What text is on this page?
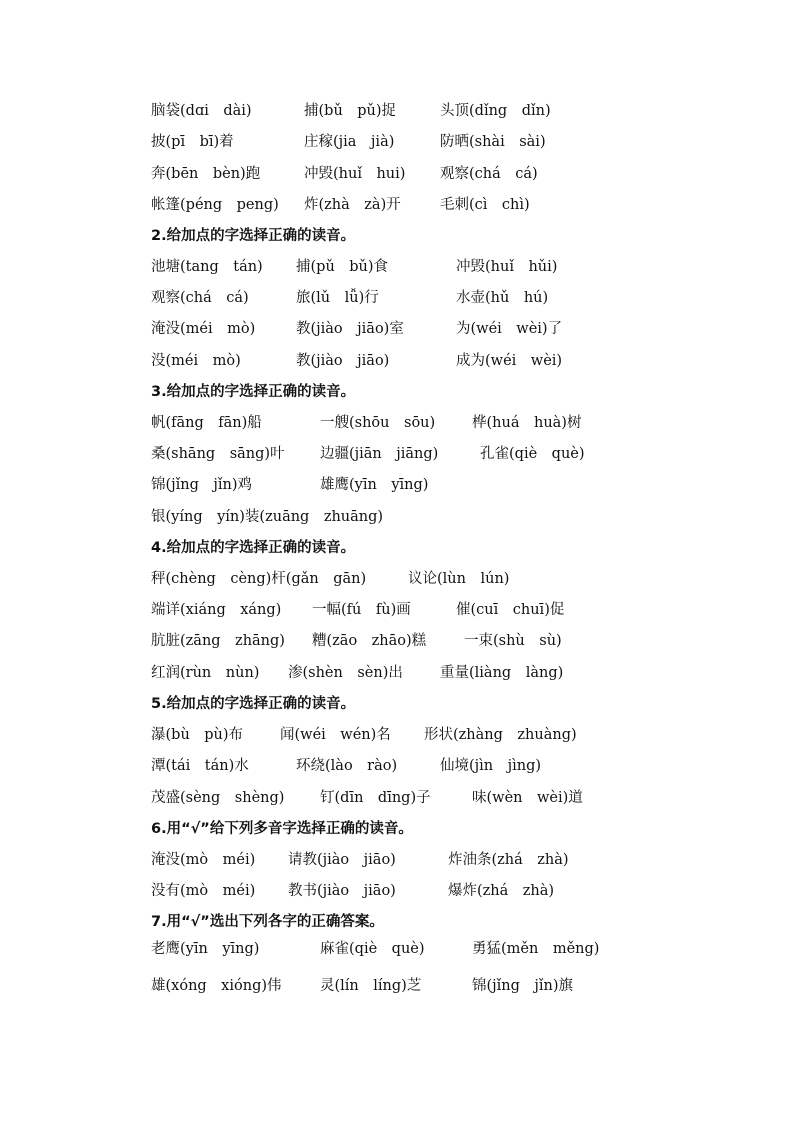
脑袋(dɑi　dài)	捕(bǔ　pǔ)捉	头顶(dǐng　dǐn)
披(pī　bī)着	庄稼(jia　jià)	防晒(shài　sài)
奔(bēn　bèn)跑	冲毁(huǐ　hui) 观察(chá　cá)
帐篷(péng　peng) 炸(zhà　zà)开	毛刺(cì　chì)
2.给加点的字选择正确的读音。
池塘(tang　tán) 捕(pǔ　bǔ)食	冲毁(huǐ　hǔi)
观察(chá　cá)	旅(lǔ　lǚ)行	水壶(hǔ　hú)
淹没(méi　mò)	教(jiào　jiāo)室	为(wéi　wèi)了
没(méi　mò)	教(jiào　jiāo)	成为(wéi　wèi)
3.给加点的字选择正确的读音。
帆(fāng　fān)船	一艘(shōu　sōu)	桦(huá　huà)树
桑(shāng　sāng)叶 边疆(jiān　jiāng)	孔雀(qiè　què)
锦(jǐng　jǐn)鸡	雄鹰(yīn　yīng)
银(yíng　yín)装(zuāng　zhuāng)
4.给加点的字选择正确的读音。
秤(chèng　cèng)杆(gǎn　gān)	议论(lùn　lún)
端详(xiáng　xáng) 一幅(fú　fù)画	催(cuī　chuī)促
肮脏(zāng　zhāng) 糟(zāo　zhāo)糕	一束(shù　sù)
红润(rùn　nùn) 渗(shèn　sèn)出	重量(liàng　làng)
5.给加点的字选择正确的读音。
瀑(bù　pù)布	闻(wéi　wén)名 形状(zhàng　zhuàng)
潭(tái　tán)水	环绕(lào　rào)	仙境(jìn　jìng)
茂盛(sèng　shèng) 钉(dīn　dīng)子	味(wèn　wèi)道
6.用“√”给下列多音字选择正确的读音。
淹没(mò　méi) 请教(jiào　jiāo)	炸油条(zhá　zhà)
没有(mò　méi) 教书(jiào　jiāo)	爆炸(zhá　zhà)
7.用“√”选出下列各字的正确答案。
老鹰(yīn　yīng)	麻雀(qiè　què)	勇猛(měn　měng)
雄(xóng　xióng)伟	灵(lín　líng)芝	锦(jǐng　jǐn)旗
